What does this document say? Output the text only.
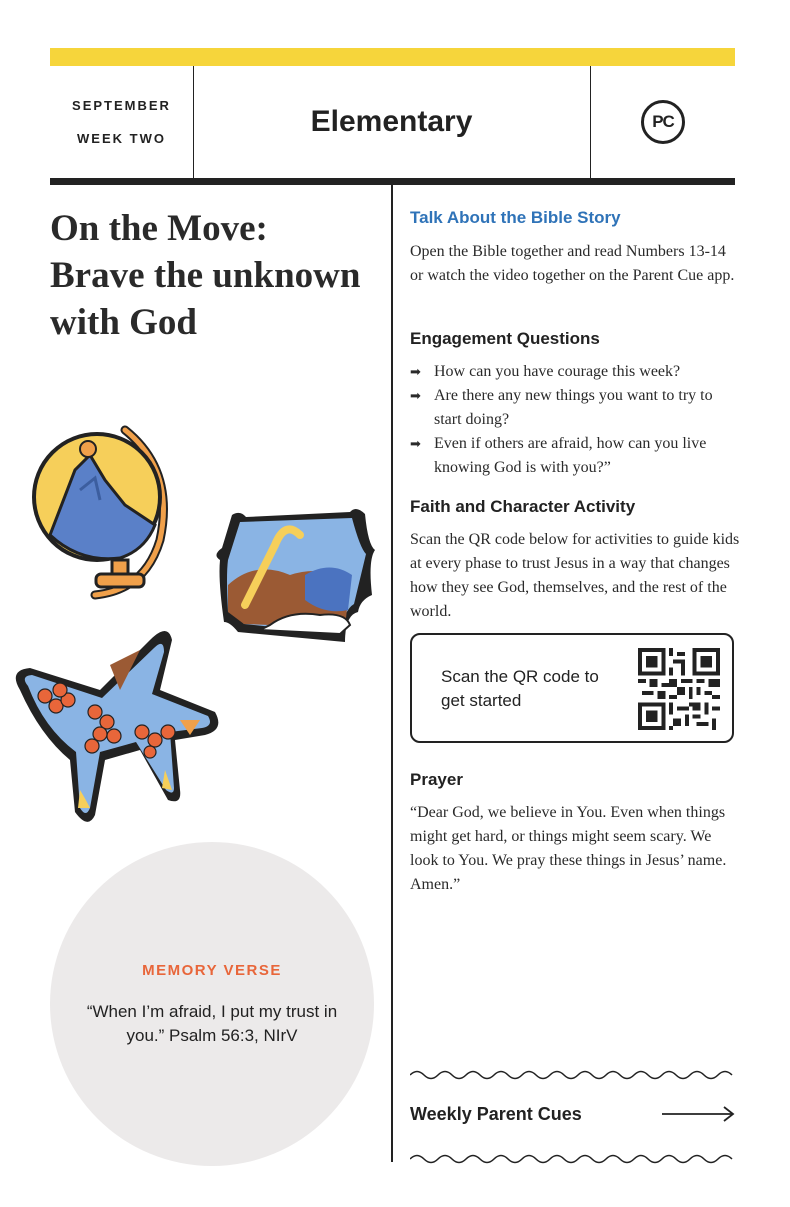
SEPTEMBER
WEEK TWO
Elementary	PC
On the Move: Brave the unknown with God
MEMORY VERSE
“When I’m afraid, I put my trust in you.” Psalm 56:3, NIrV
Talk About the Bible Story

Open the Bible together and read Numbers 13-14 or watch the video together on the Parent Cue app.

Engagement Questions
➡ How can you have courage this week?
➡ Are there any new things you want to try to start doing?
➡ Even if others are afraid, how can you live knowing God is with you?”
Faith and Character Activity

Scan the QR code below for activities to guide kids at every phase to trust Jesus in a way that changes how they see God, themselves, and the rest of the world.

Scan the QR code to get started
Prayer

“Dear God, we believe in You. Even when things might get hard, or things might seem scary. We look to You. We pray these things in Jesus’ name. Amen.”

Weekly Parent Cues
